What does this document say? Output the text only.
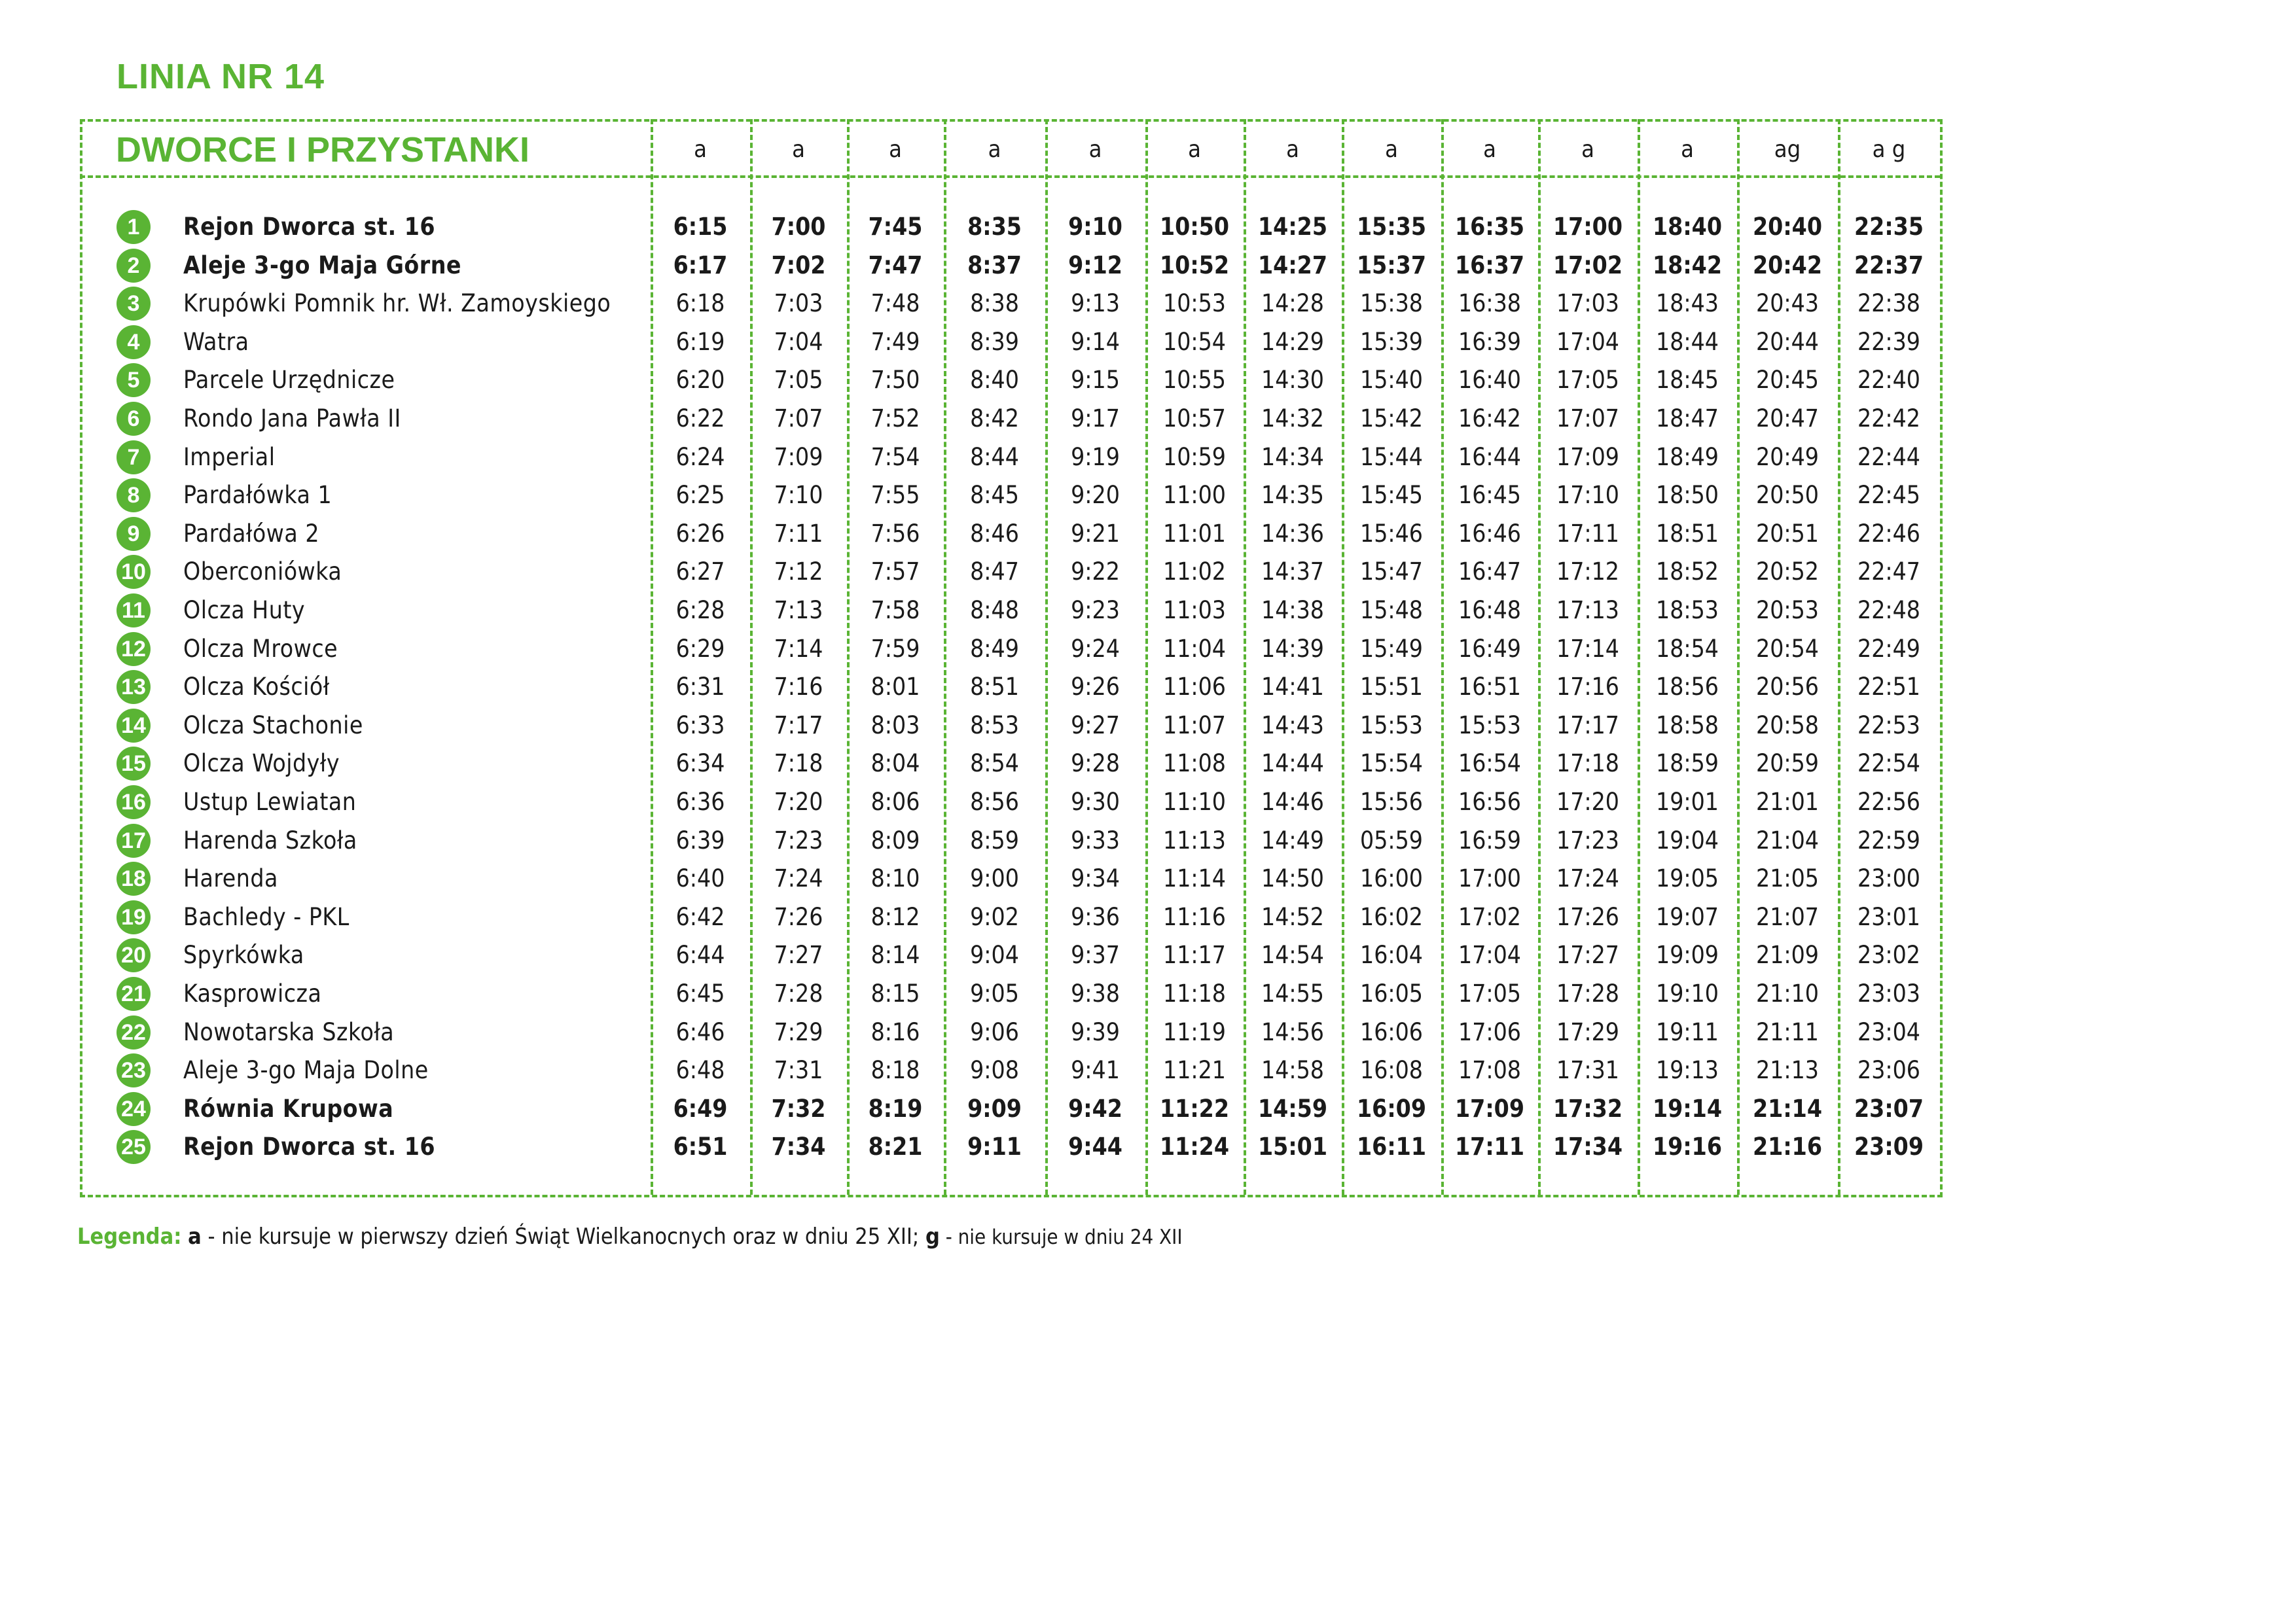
LINIA NR 14
DWORCE I PRZYSTANKI	a	a	a	a	a	a	a	a	a	a	a	ag	a g
1	Rejon Dworca st. 16	6:15	7:00	7:45	8:35	9:10	10:50	14:25	15:35	16:35	17:00	18:40	20:40	22:35
2	Aleje 3-go Maja Górne	6:17	7:02	7:47	8:37	9:12	10:52	14:27	15:37	16:37	17:02	18:42	20:42	22:37
3	Krupówki Pomnik hr. Wł. Zamoyskiego	6:18	7:03	7:48	8:38	9:13	10:53	14:28	15:38	16:38	17:03	18:43	20:43	22:38
4	Watra	6:19	7:04	7:49	8:39	9:14	10:54	14:29	15:39	16:39	17:04	18:44	20:44	22:39
5	Parcele Urzędnicze	6:20	7:05	7:50	8:40	9:15	10:55	14:30	15:40	16:40	17:05	18:45	20:45	22:40
6	Rondo Jana Pawła II	6:22	7:07	7:52	8:42	9:17	10:57	14:32	15:42	16:42	17:07	18:47	20:47	22:42
7	Imperial	6:24	7:09	7:54	8:44	9:19	10:59	14:34	15:44	16:44	17:09	18:49	20:49	22:44
8	Pardałówka 1	6:25	7:10	7:55	8:45	9:20	11:00	14:35	15:45	16:45	17:10	18:50	20:50	22:45
9	Pardałówa 2	6:26	7:11	7:56	8:46	9:21	11:01	14:36	15:46	16:46	17:11	18:51	20:51	22:46
10 Oberconiówka	6:27	7:12	7:57	8:47	9:22	11:02	14:37	15:47	16:47	17:12	18:52	20:52	22:47
11 Olcza Huty	6:28	7:13	7:58	8:48	9:23	11:03	14:38	15:48	16:48	17:13	18:53	20:53	22:48
12 Olcza Mrowce	6:29	7:14	7:59	8:49	9:24	11:04	14:39	15:49	16:49	17:14	18:54	20:54	22:49
13 Olcza Kościół	6:31	7:16	8:01	8:51	9:26	11:06	14:41	15:51	16:51	17:16	18:56	20:56	22:51
14 Olcza Stachonie	6:33	7:17	8:03	8:53	9:27	11:07	14:43	15:53	15:53	17:17	18:58	20:58	22:53
15 Olcza Wojdyły	6:34	7:18	8:04	8:54	9:28	11:08	14:44	15:54	16:54	17:18	18:59	20:59	22:54
16 Ustup Lewiatan	6:36	7:20	8:06	8:56	9:30	11:10	14:46	15:56	16:56	17:20	19:01	21:01	22:56
17 Harenda Szkoła	6:39	7:23	8:09	8:59	9:33	11:13	14:49	05:59	16:59	17:23	19:04	21:04	22:59
18 Harenda	6:40	7:24	8:10	9:00	9:34	11:14	14:50	16:00	17:00	17:24	19:05	21:05	23:00
19 Bachledy - PKL	6:42	7:26	8:12	9:02	9:36	11:16	14:52	16:02	17:02	17:26	19:07	21:07	23:01
20 Spyrkówka	6:44	7:27	8:14	9:04	9:37	11:17	14:54	16:04	17:04	17:27	19:09	21:09	23:02
21 Kasprowicza	6:45	7:28	8:15	9:05	9:38	11:18	14:55	16:05	17:05	17:28	19:10	21:10	23:03
22 Nowotarska Szkoła	6:46	7:29	8:16	9:06	9:39	11:19	14:56	16:06	17:06	17:29	19:11	21:11	23:04
23 Aleje 3-go Maja Dolne	6:48	7:31	8:18	9:08	9:41	11:21	14:58	16:08	17:08	17:31	19:13	21:13	23:06
24 Równia Krupowa	6:49	7:32	8:19	9:09	9:42	11:22	14:59	16:09	17:09	17:32	19:14	21:14	23:07
25 Rejon Dworca st. 16	6:51	7:34	8:21	9:11	9:44	11:24	15:01	16:11	17:11	17:34	19:16	21:16	23:09
Legenda: a - nie kursuje w pierwszy dzień Świąt Wielkanocnych oraz w dniu 25 XII; g - nie kursuje w dniu 24 XII
